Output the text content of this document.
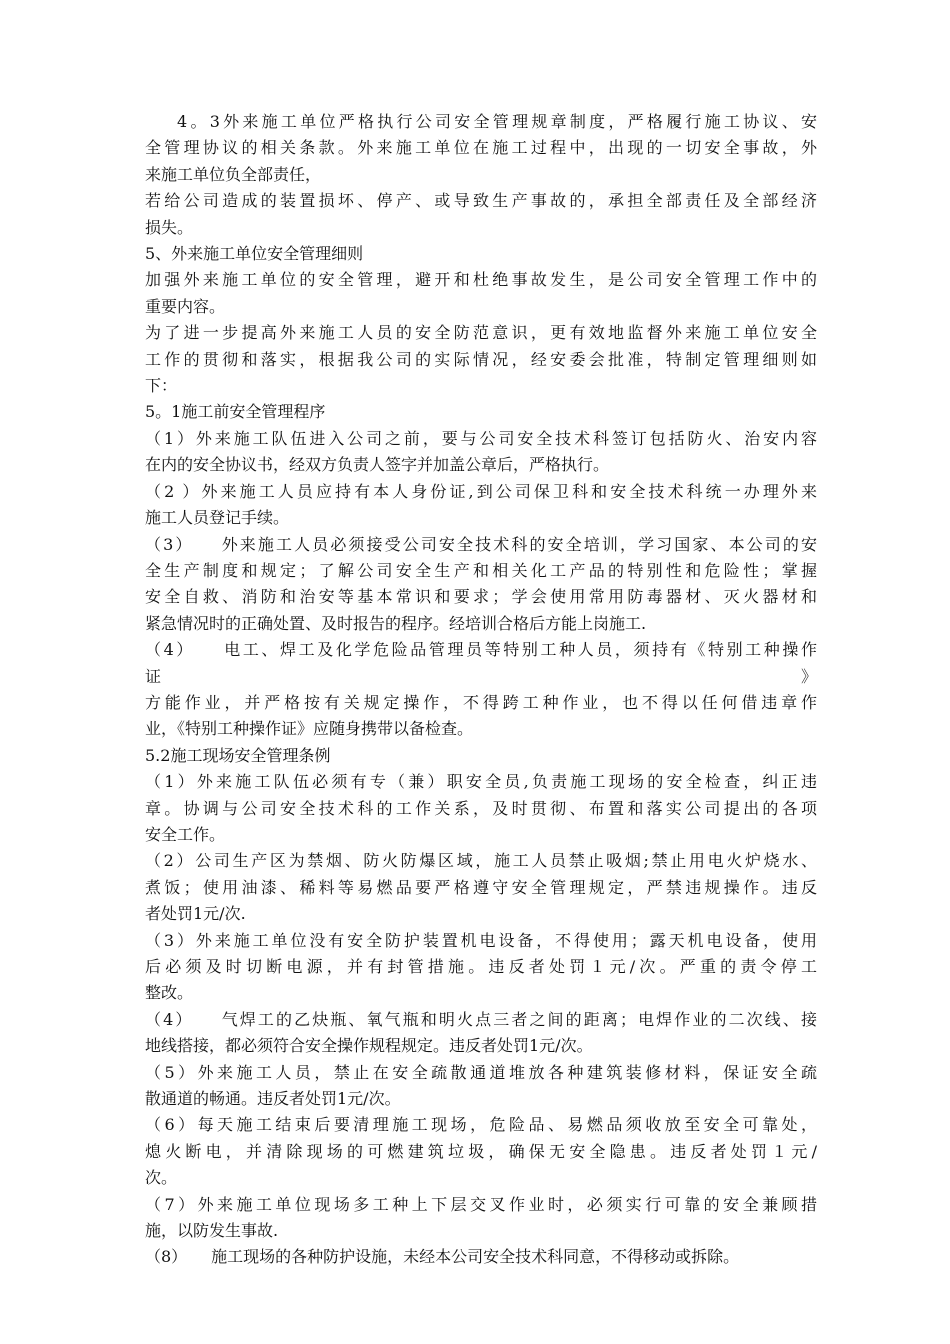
4。3外来施工单位严格执行公司安全管理规章制度，严格履行施工协议、安
全管理协议的相关条款。外来施工单位在施工过程中，出现的一切安全事故，外
来施工单位负全部责任，
若给公司造成的装置损坏、停产、或导致生产事故的，承担全部责任及全部经济
损失。
5、外来施工单位安全管理细则
加强外来施工单位的安全管理，避开和杜绝事故发生，是公司安全管理工作中的
重要内容。
为了进一步提高外来施工人员的安全防范意识，更有效地监督外来施工单位安全
工作的贯彻和落实，根据我公司的实际情况，经安委会批准，特制定管理细则如
下：
5。1施工前安全管理程序
（1）外来施工队伍进入公司之前，要与公司安全技术科签订包括防火、治安内容
在内的安全协议书，经双方负责人签字并加盖公章后，严格执行。
（2 ）外来施工人员应持有本人身份证,到公司保卫科和安全技术科统一办理外来
施工人员登记手续。
（3）　　外来施工人员必须接受公司安全技术科的安全培训，学习国家、本公司的安
全生产制度和规定；了解公司安全生产和相关化工产品的特别性和危险性；掌握
安全自救、消防和治安等基本常识和要求；学会使用常用防毒器材、灭火器材和
紧急情况时的正确处置、及时报告的程序。经培训合格后方能上岗施工.
（4）　　电工、焊工及化学危险品管理员等特别工种人员，须持有《特别工种操作
证	》
方能作业，并严格按有关规定操作，不得跨工种作业，也不得以任何借违章作
业，《特别工种操作证》应随身携带以备检查。
5.2施工现场安全管理条例
（1）外来施工队伍必须有专（兼）职安全员,负责施工现场的安全检查，纠正违
章。协调与公司安全技术科的工作关系，及时贯彻、布置和落实公司提出的各项
安全工作。
（2）公司生产区为禁烟、防火防爆区域，施工人员禁止吸烟;禁止用电火炉烧水、
煮饭；使用油漆、稀料等易燃品要严格遵守安全管理规定，严禁违规操作。违反
者处罚1元/次.
（3）外来施工单位没有安全防护装置机电设备，不得使用；露天机电设备，使用
后必须及时切断电源，并有封管措施。违反者处罚１元/次。严重的责令停工
整改。
（4）　　气焊工的乙炔瓶、氧气瓶和明火点三者之间的距离；电焊作业的二次线、接
地线搭接，都必须符合安全操作规程规定。违反者处罚1元/次。
（5）外来施工人员，禁止在安全疏散通道堆放各种建筑装修材料，保证安全疏
散通道的畅通。违反者处罚1元/次。
（6）每天施工结束后要清理施工现场，危险品、易燃品须收放至安全可靠处，
熄火断电，并清除现场的可燃建筑垃圾，确保无安全隐患。违反者处罚１元/
次。
（7）外来施工单位现场多工种上下层交叉作业时，必须实行可靠的安全兼顾措
施，以防发生事故.
（8）　　施工现场的各种防护设施，未经本公司安全技术科同意，不得移动或拆除。
